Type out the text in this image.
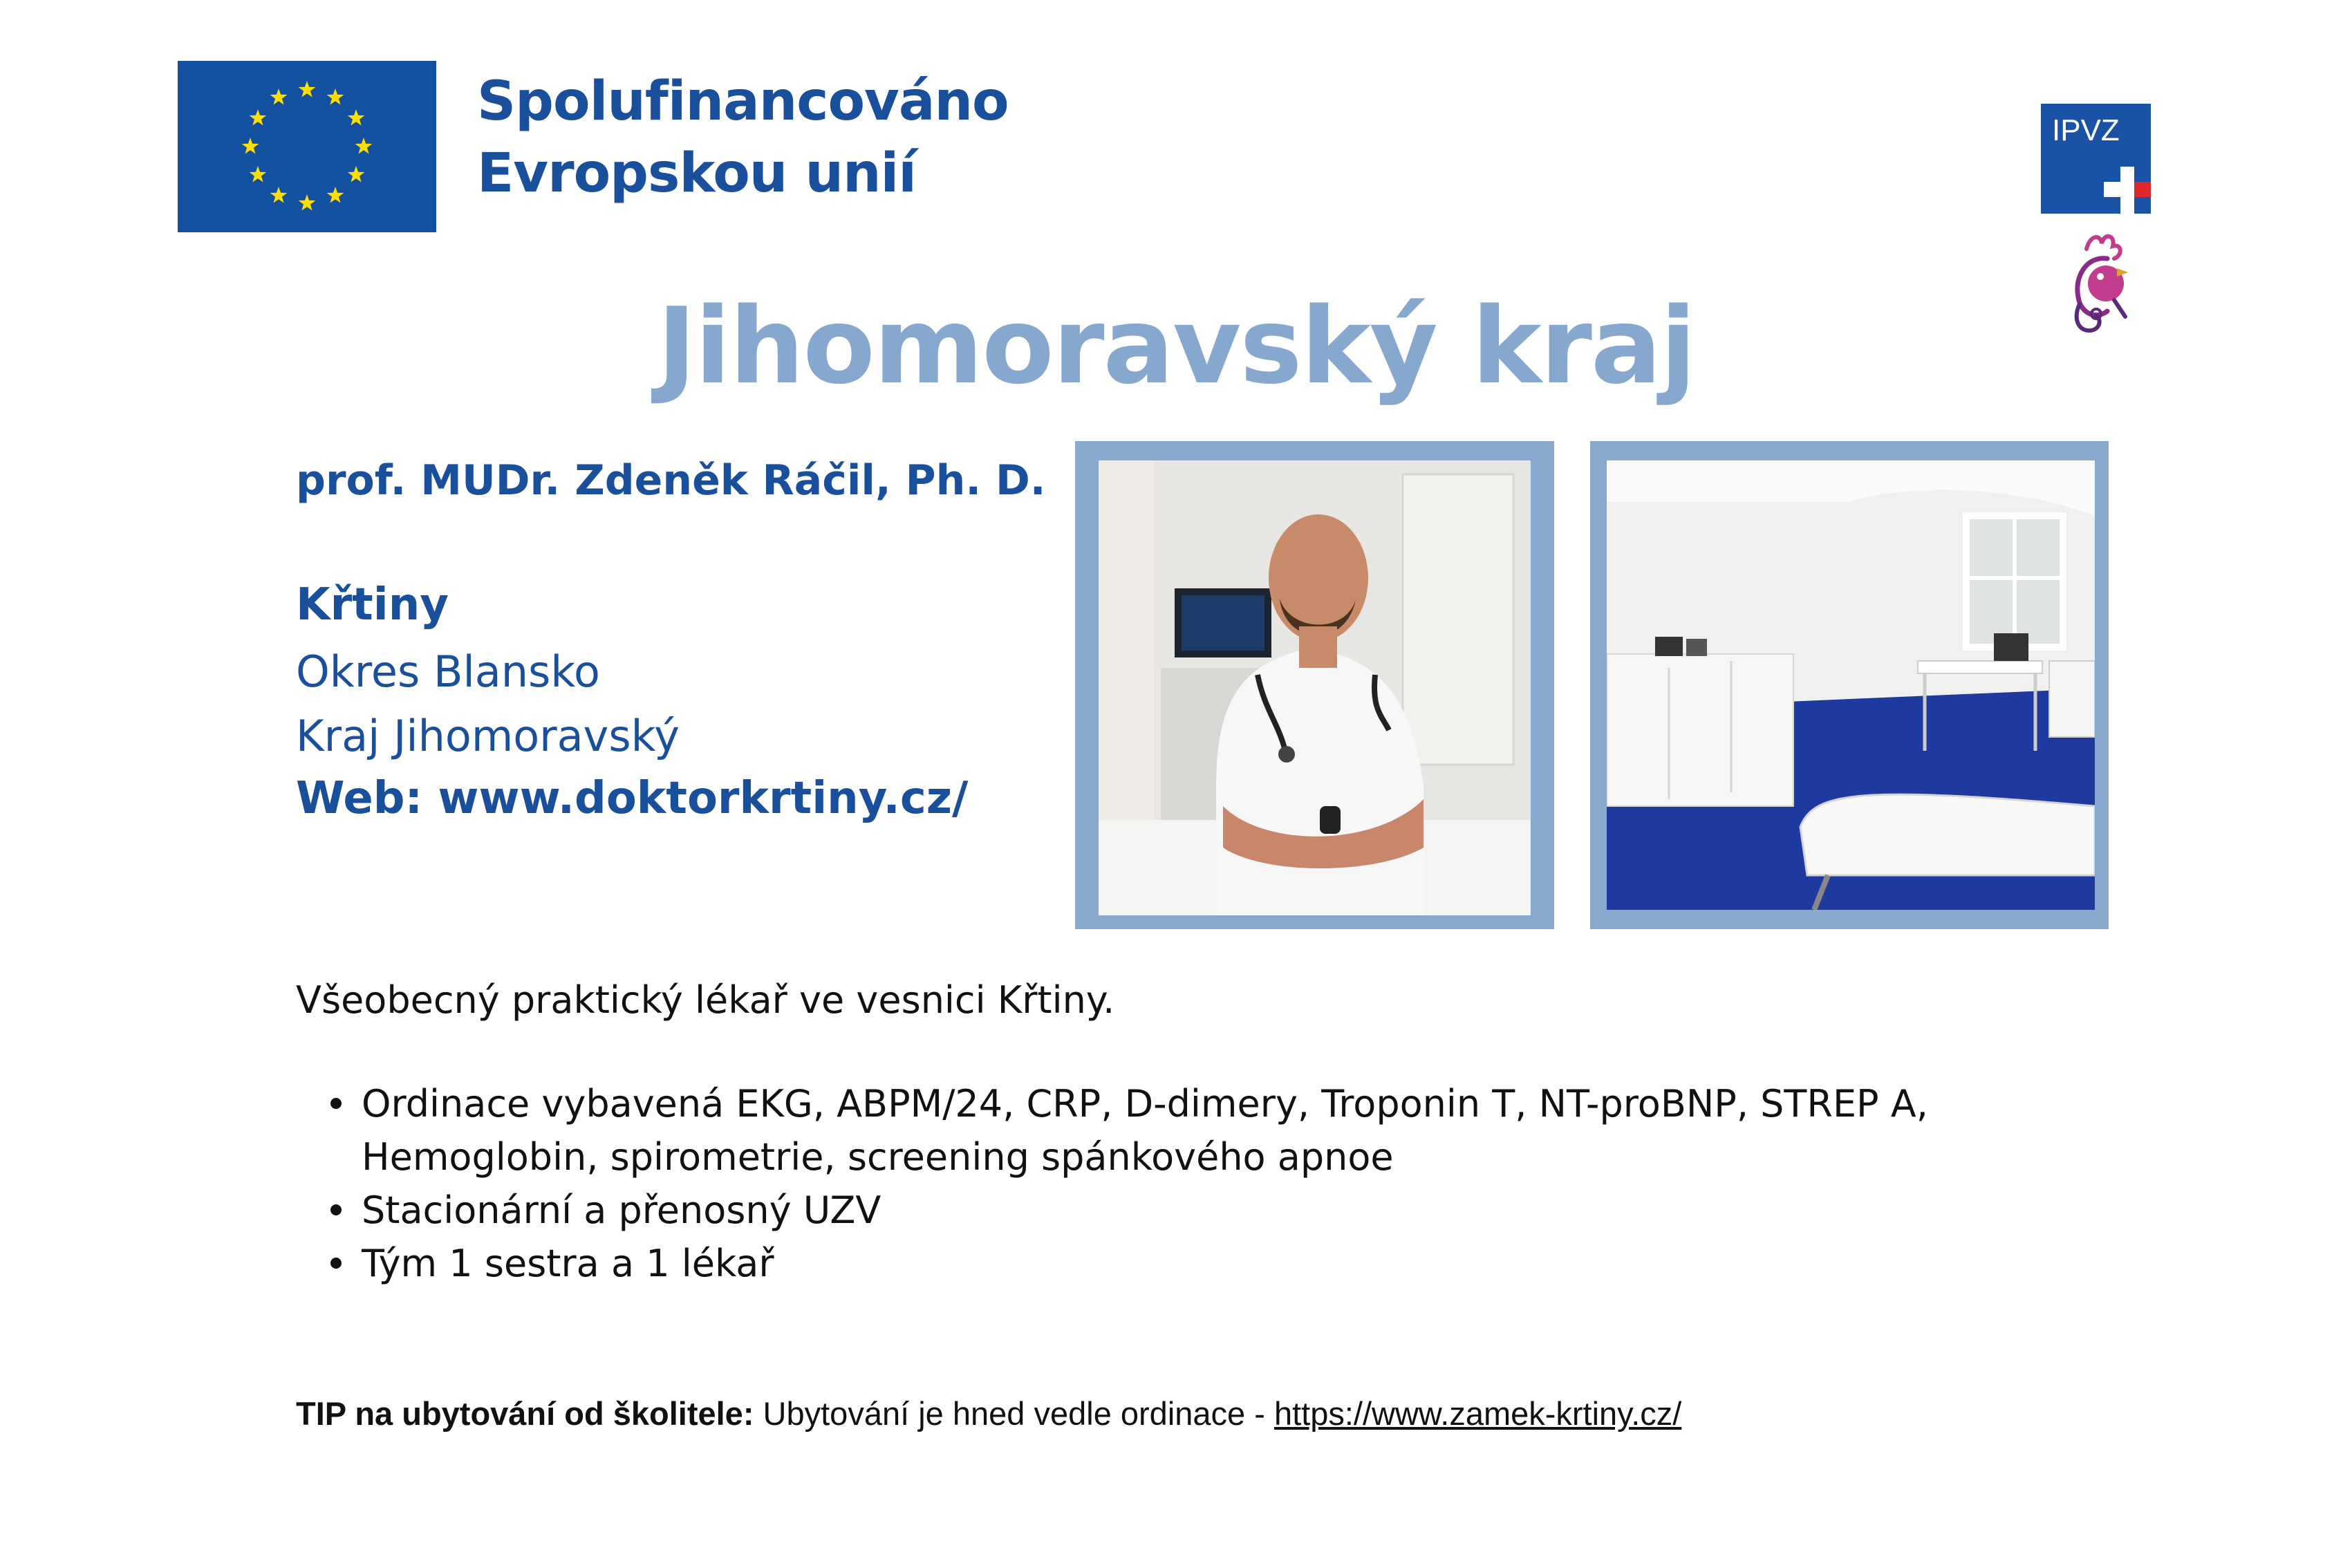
Spolufinancováno
Evropskou unií
IPVZ
Jihomoravský kraj
prof. MUDr. Zdeněk Ráčil, Ph. D.
Křtiny
Okres Blansko
Kraj Jihomoravský
Web: www.doktorkrtiny.cz/
Všeobecný praktický lékař ve vesnici Křtiny.
Ordinace vybavená EKG, ABPM/24, CRP, D-dimery, Troponin T, NT-proBNP, STREP A,
Hemoglobin, spirometrie, screening spánkového apnoe
Stacionární a přenosný UZV
Tým 1 sestra a 1 lékař
TIP na ubytování od školitele: Ubytování je hned vedle ordinace - https://www.zamek-krtiny.cz/
